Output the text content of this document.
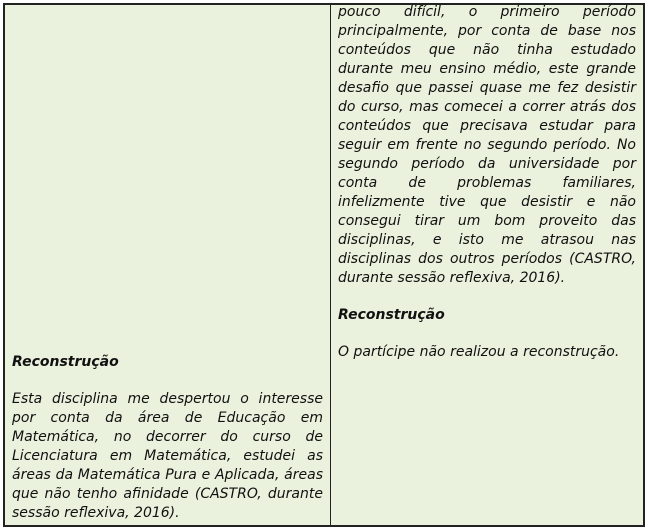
Reconstrução

Esta disciplina me despertou o interesse por conta da área de Educação em Matemática, no decorrer do curso de Licenciatura em Matemática, estudei as áreas da Matemática Pura e Aplicada, áreas que não tenho afinidade (CASTRO, durante sessão reflexiva, 2016).

pouco difícil, o primeiro período principalmente, por conta de base nos conteúdos que não tinha estudado durante meu ensino médio, este grande desafio que passei quase me fez desistir do curso, mas comecei a correr atrás dos conteúdos que precisava estudar para seguir em frente no segundo período. No segundo período da universidade por conta de problemas familiares, infelizmente tive que desistir e não consegui tirar um bom proveito das disciplinas, e isto me atrasou nas disciplinas dos outros períodos (CASTRO, durante sessão reflexiva, 2016).

Reconstrução

O partícipe não realizou a reconstrução.
